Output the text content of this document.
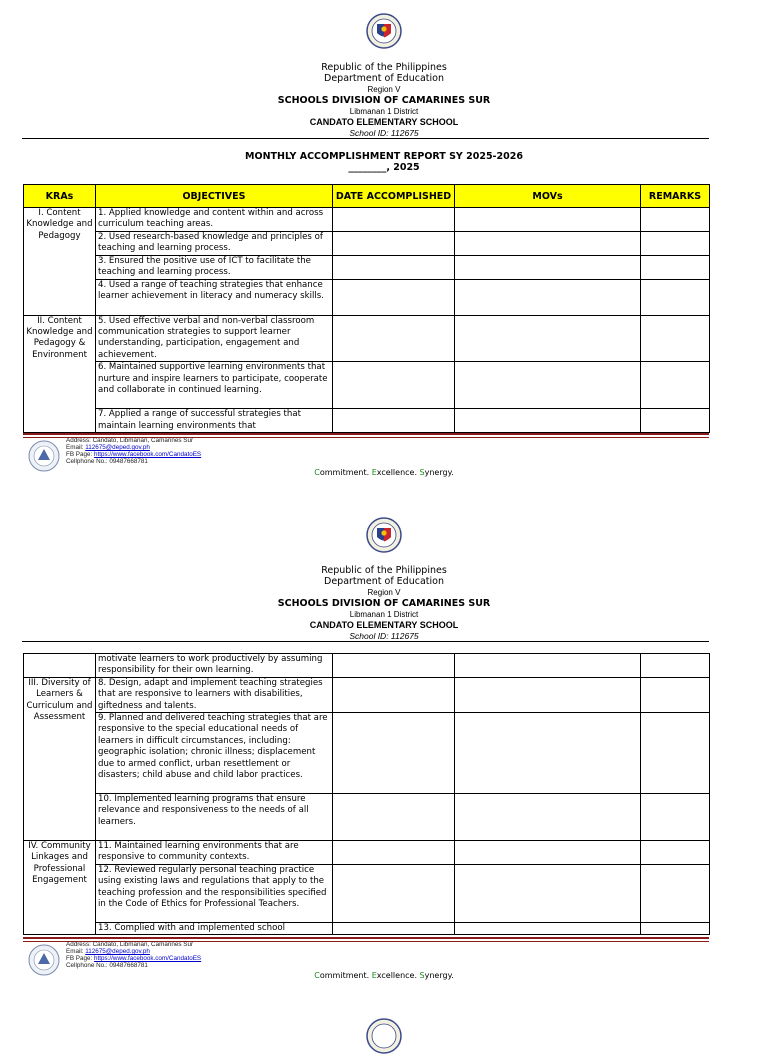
Republic of the Philippines
Department of Education
Region V
SCHOOLS DIVISION OF CAMARINES SUR
Libmanan 1 District
CANDATO ELEMENTARY SCHOOL
School ID: 112675
MONTHLY ACCOMPLISHMENT REPORT SY 2025-2026
________, 2025
KRAs	OBJECTIVES	DATE ACCOMPLISHED	MOVs	REMARKS
I. Content Knowledge and Pedagogy	1. Applied knowledge and content within and across curriculum teaching areas.			
	2. Used research-based knowledge and principles of teaching and learning process.			
	3. Ensured the positive use of ICT to facilitate the teaching and learning process.			
	4. Used a range of teaching strategies that enhance learner achievement in literacy and numeracy skills.			
II. Content Knowledge and Pedagogy & Environment	5. Used effective verbal and non-verbal classroom communication strategies to support learner understanding, participation, engagement and achievement.			
	6. Maintained supportive learning environments that nurture and inspire learners to participate, cooperate and collaborate in continued learning.			
	7. Applied a range of successful strategies that maintain learning environments that			
Address: Candato, Libmanan, Camarines Sur
Email: 112675@deped.gov.ph
FB Page: https://www.facebook.com/CandatoES
Cellphone No.: 09487668781
Commitment. Excellence. Synergy.
Republic of the Philippines
Department of Education
Region V
SCHOOLS DIVISION OF CAMARINES SUR
Libmanan 1 District
CANDATO ELEMENTARY SCHOOL
School ID: 112675
	motivate learners to work productively by assuming responsibility for their own learning.			
III. Diversity of Learners & Curriculum and Assessment	8. Design, adapt and implement teaching strategies that are responsive to learners with disabilities, giftedness and talents.			
	9. Planned and delivered teaching strategies that are responsive to the special educational needs of learners in difficult circumstances, including: geographic isolation; chronic illness; displacement due to armed conflict, urban resettlement or disasters; child abuse and child labor practices.			
	10. Implemented learning programs that ensure relevance and responsiveness to the needs of all learners.			
IV. Community Linkages and Professional Engagement	11. Maintained learning environments that are responsive to community contexts.			
	12. Reviewed regularly personal teaching practice using existing laws and regulations that apply to the teaching profession and the responsibilities specified in the Code of Ethics for Professional Teachers.			
	13. Complied with and implemented school			
Address: Candato, Libmanan, Camarines Sur
Email: 112675@deped.gov.ph
FB Page: https://www.facebook.com/CandatoES
Cellphone No.: 09487668781
Commitment. Excellence. Synergy.
